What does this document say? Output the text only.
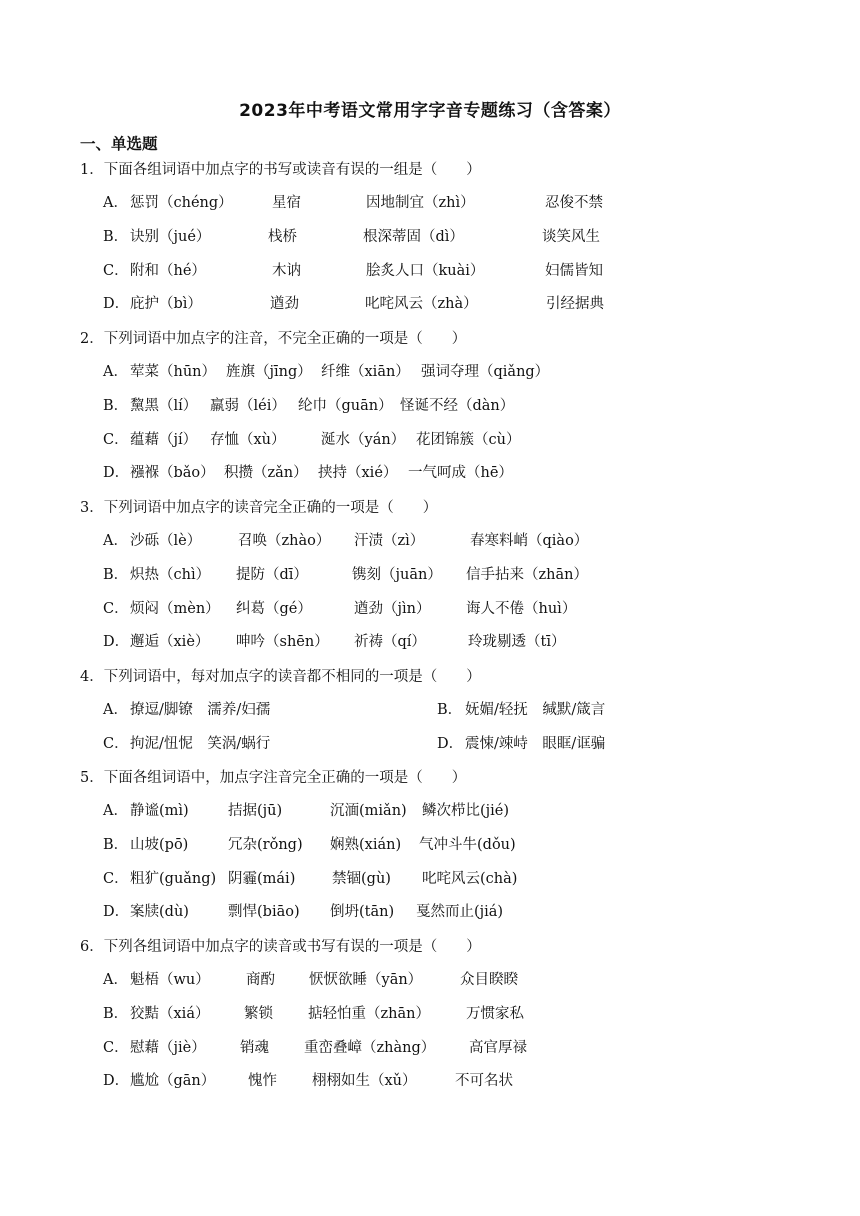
2023年中考语文常用字字音专题练习（含答案）
一、单选题
1．下面各组词语中加点字的书写或读音有误的一组是（　　）
A． 惩罚（chéng）	星宿	因地制宜（zhì）	忍俊不禁
B． 诀别（jué）	栈桥	根深蒂固（dì）	谈笑风生
C． 附和（hé）	木讷	脍炙人口（kuài）	妇儒皆知
D． 庇护（bì）	遒劲	叱咤风云（zhà）	引经据典
2．下列词语中加点字的注音，不完全正确的一项是（　　）
A． 荤菜（hūn） 旌旗（jīng） 纤维（xiān） 强词夺理（qiǎng）
B． 黧黑（lí） 羸弱（léi） 纶巾（guān） 怪诞不经（dàn）
C． 蕴藉（jí） 存恤（xù） 涎水（yán） 花团锦簇（cù）
D． 襁褓（bǎo） 积攒（zǎn） 挟持（xié） 一气呵成（hē）
3．下列词语中加点字的读音完全正确的一项是（　　）
A． 沙砾（lè）	召唤（zhào） 汗渍（zì）	春寒料峭（qiào）
B． 炽热（chì） 提防（dī）	镌刻（juān） 信手拈来（zhān）
C． 烦闷（mèn） 纠葛（gé）	遒劲（jìn） 诲人不倦（huì）
D． 邂逅（xiè） 呻吟（shēn） 祈祷（qí）	玲珑剔透（tī）
4．下列词语中，每对加点字的读音都不相同的一项是（　　）
A． 撩逗/脚镣　濡养/妇孺	B． 妩媚/轻抚　缄默/箴言
C． 拘泥/忸怩　笑涡/蜗行	D． 震悚/竦峙　眼眶/诓骗
5．下面各组词语中，加点字注音完全正确的一项是（　　）
A． 静谧(mì)	拮据(jū)	沉湎(miǎn) 鳞次栉比(jié)
B． 山坡(pō)	冗杂(rǒng) 娴熟(xián) 气冲斗牛(dǒu)
C． 粗犷(guǎng) 阴霾(mái)	禁锢(gù) 叱咤风云(chà)
D． 案牍(dù)	剽悍(biāo) 倒坍(tān) 戛然而止(jiá)
6．下列各组词语中加点字的读音或书写有误的一项是（　　）
A． 魁梧（wu）	商酌 恹恹欲睡（yān）	众目睽睽
B． 狡黠（xiá） 繁锁 掂轻怕重（zhān） 万惯家私
C． 慰藉（jiè） 销魂 重峦叠嶂（zhàng） 高官厚禄
D． 尴尬（gān） 愧怍 栩栩如生（xǔ）	不可名状
